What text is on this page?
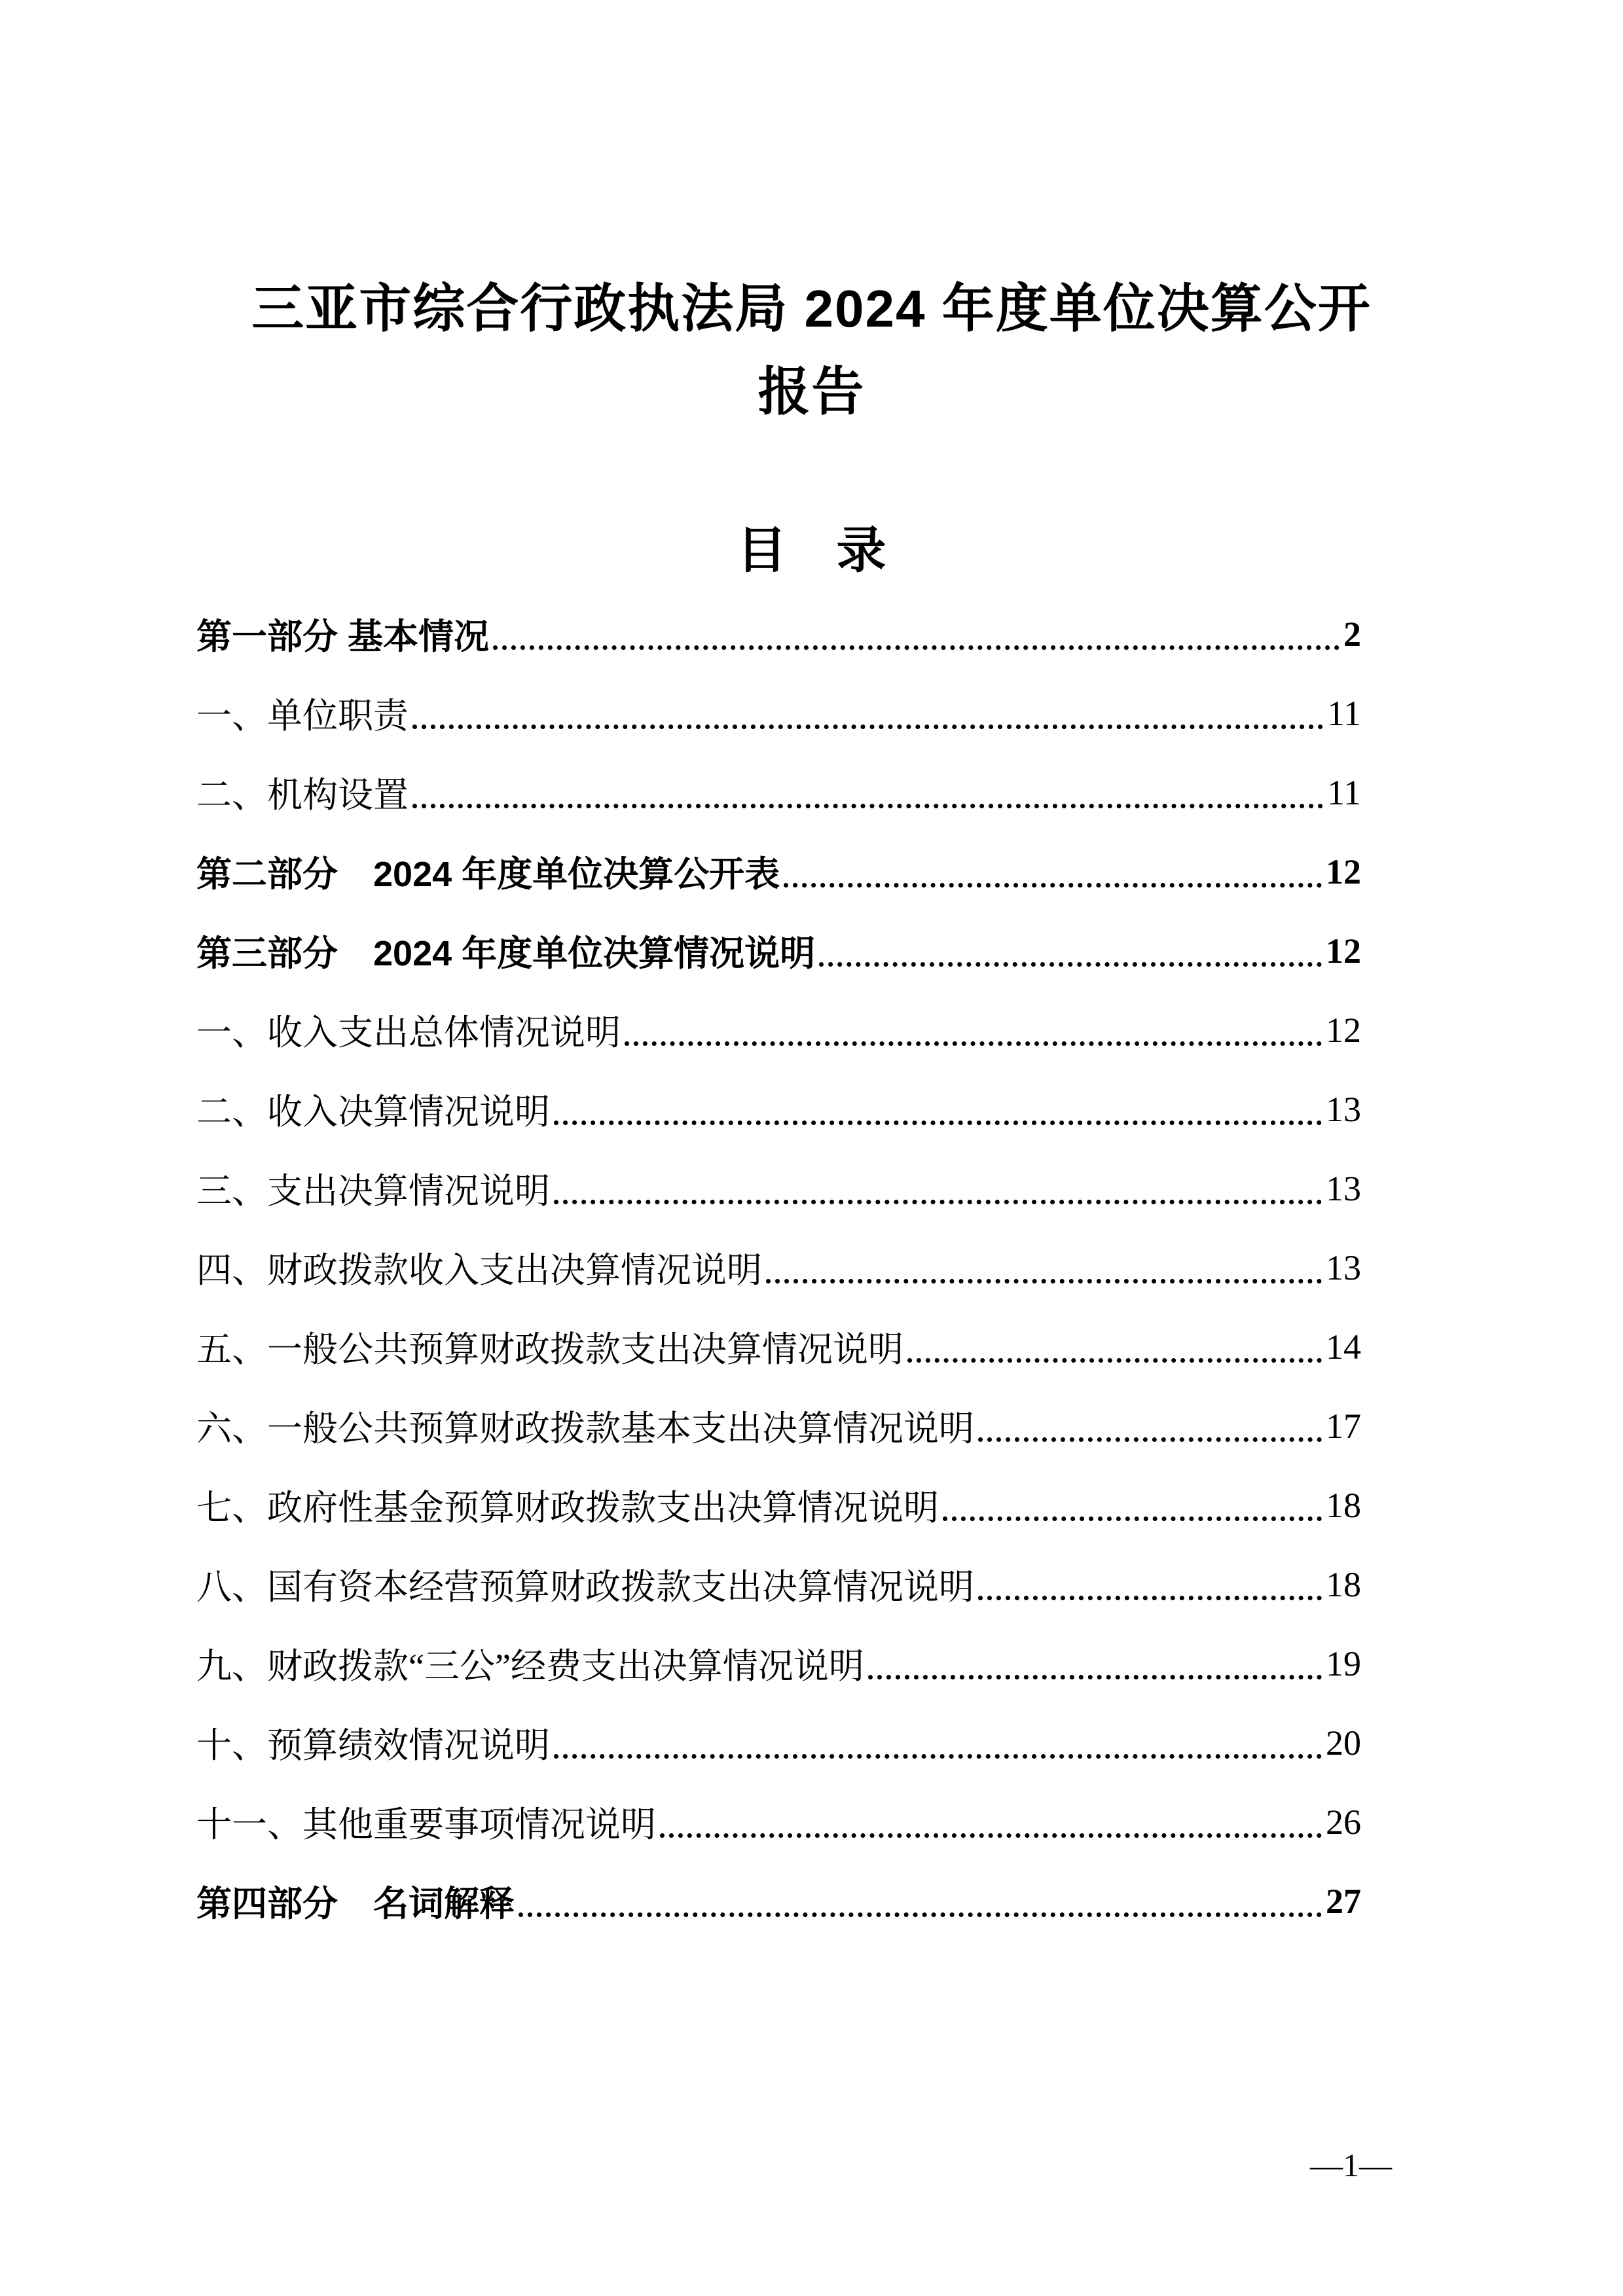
三亚市综合行政执法局 2024 年度单位决算公开
报告
目　录
第一部分 基本情况	2
一、单位职责	11
二、机构设置	11
第二部分　2024 年度单位决算公开表	12
第三部分　2024 年度单位决算情况说明	12
一、收入支出总体情况说明	12
二、收入决算情况说明	13
三、支出决算情况说明	13
四、财政拨款收入支出决算情况说明	13
五、一般公共预算财政拨款支出决算情况说明	14
六、一般公共预算财政拨款基本支出决算情况说明	17
七、政府性基金预算财政拨款支出决算情况说明	18
八、国有资本经营预算财政拨款支出决算情况说明	18
九、财政拨款“三公”经费支出决算情况说明	19
十、预算绩效情况说明	20
十一、其他重要事项情况说明	26
第四部分　名词解释	27
—1—
